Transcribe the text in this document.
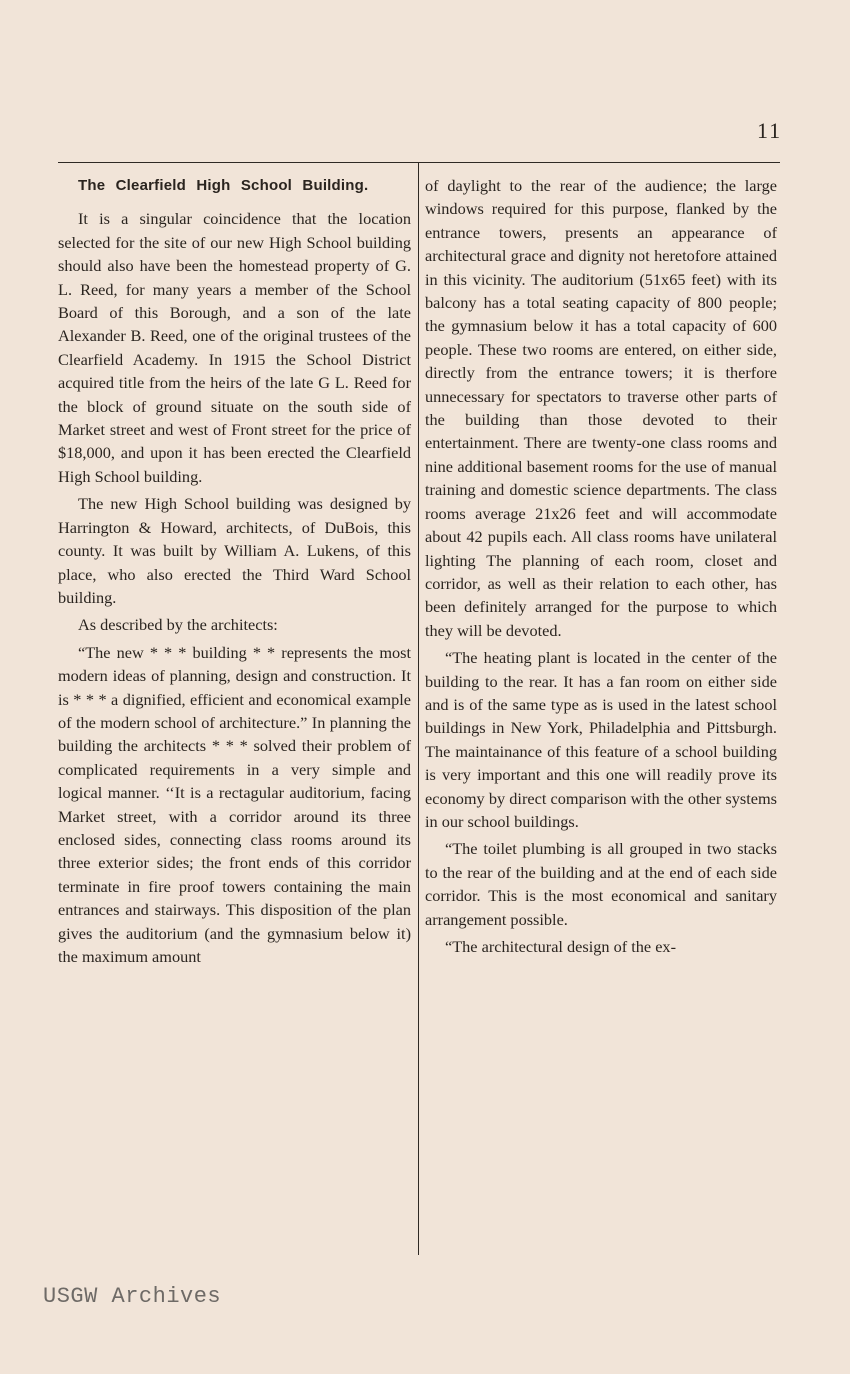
11

The Clearfield High School Building.

It is a singular coincidence that the location selected for the site of our new High School building should also have been the homestead property of G. L. Reed, for many years a member of the School Board of this Borough, and a son of the late Alexander B. Reed, one of the original trustees of the Clearfield Academy. In 1915 the School District acquired title from the heirs of the late G L. Reed for the block of ground situate on the south side of Market street and west of Front street for the price of $18,000, and upon it has been erected the Clearfield High School building.

The new High School building was designed by Harrington & Howard, architects, of DuBois, this county. It was built by William A. Lukens, of this place, who also erected the Third Ward School building.

As described by the architects:

“The new * * * building * * represents the most modern ideas of planning, design and construction. It is * * * a dignified, efficient and economical example of the modern school of architecture.” In planning the building the architects * * * solved their problem of complicated requirements in a very simple and logical manner. ‘‘It is a rectagular auditorium, facing Market street, with a corridor around its three enclosed sides, connecting class rooms around its three exterior sides; the front ends of this corridor terminate in fire proof towers containing the main entrances and stairways. This disposition of the plan gives the auditorium (and the gymnasium below it) the maximum amount

of daylight to the rear of the audience; the large windows required for this purpose, flanked by the entrance towers, presents an appearance of architectural grace and dignity not heretofore attained in this vicinity. The auditorium (51x65 feet) with its balcony has a total seating capacity of 800 people; the gymnasium below it has a total capacity of 600 people. These two rooms are entered, on either side, directly from the entrance towers; it is therfore unnecessary for spectators to traverse other parts of the building than those devoted to their entertainment. There are twenty-one class rooms and nine additional basement rooms for the use of manual training and domestic science departments. The class rooms average 21x26 feet and will accommodate about 42 pupils each. All class rooms have unilateral lighting The planning of each room, closet and corridor, as well as their relation to each other, has been definitely arranged for the purpose to which they will be devoted.

“The heating plant is located in the center of the building to the rear. It has a fan room on either side and is of the same type as is used in the latest school buildings in New York, Philadelphia and Pittsburgh. The maintainance of this feature of a school building is very important and this one will readily prove its economy by direct comparison with the other systems in our school buildings.

“The toilet plumbing is all grouped in two stacks to the rear of the building and at the end of each side corridor. This is the most economical and sanitary arrangement possible.

“The architectural design of the ex-

USGW Archives
